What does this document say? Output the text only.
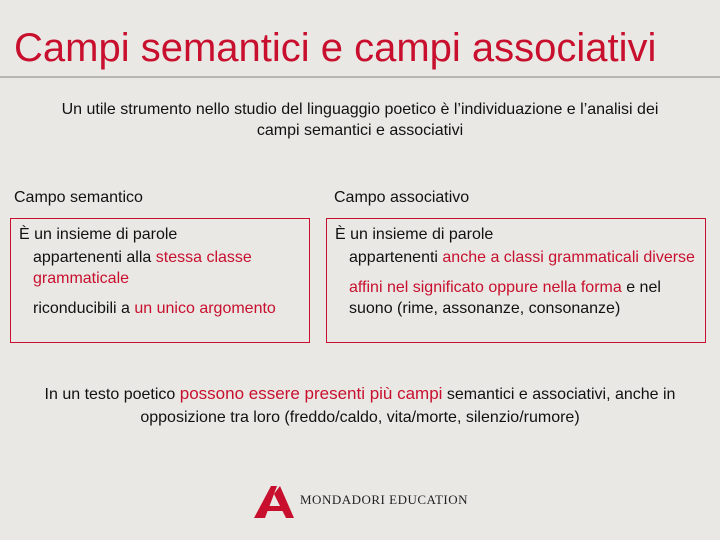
Campi semantici e campi associativi
Un utile strumento nello studio del linguaggio poetico è l’individuazione e l’analisi dei campi semantici e associativi
Campo semantico	Campo associativo

È un insieme di parole

appartenenti alla stessa classe grammaticale

riconducibili a un unico argomento

È un insieme di parole

appartenenti anche a classi grammaticali diverse

affini nel significato oppure nella forma e nel suono (rime, assonanze, consonanze)

In un testo poetico possono essere presenti più campi semantici e associativi, anche in opposizione tra loro (freddo/caldo, vita/morte, silenzio/rumore)
MONDADORI EDUCATION
